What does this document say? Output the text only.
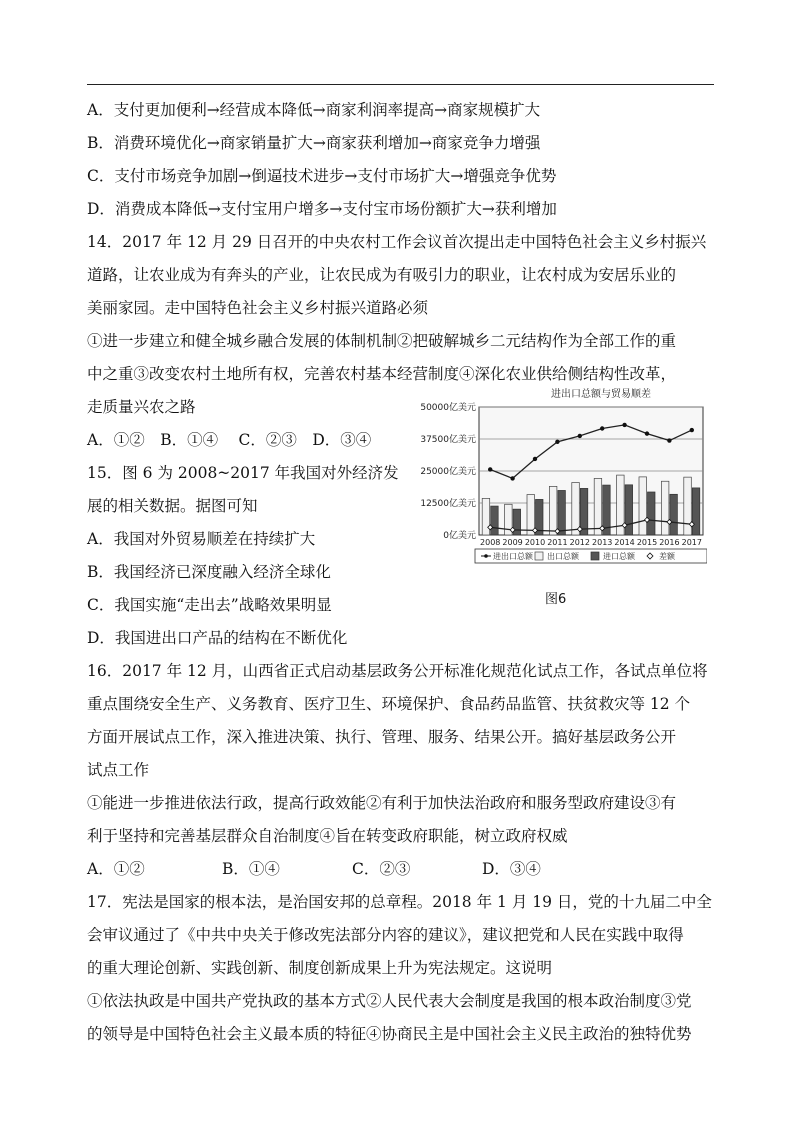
A．支付更加便利→经营成本降低→商家利润率提高→商家规模扩大
B．消费环境优化→商家销量扩大→商家获利增加→商家竞争力增强
C．支付市场竞争加剧→倒逼技术进步→支付市场扩大→增强竞争优势
D．消费成本降低→支付宝用户增多→支付宝市场份额扩大→获利增加
14．2017 年 12 月 29 日召开的中央农村工作会议首次提出走中国特色社会主义乡村振兴
道路，让农业成为有奔头的产业，让农民成为有吸引力的职业，让农村成为安居乐业的
美丽家园。走中国特色社会主义乡村振兴道路必须
①进一步建立和健全城乡融合发展的体制机制②把破解城乡二元结构作为全部工作的重
中之重③改变农村土地所有权，完善农村基本经营制度④深化农业供给侧结构性改革，
走质量兴农之路
A．①②　B．①④　 C．②③　D．③④
15．图 6 为 2008~2017 年我国对外经济发
展的相关数据。据图可知
A．我国对外贸易顺差在持续扩大
B．我国经济已深度融入经济全球化
C．我国实施“走出去”战略效果明显
D．我国进出口产品的结构在不断优化
进出口总额与贸易顺差
0亿美元
12500亿美元
25000亿美元
37500亿美元
50000亿美元
2008 2009 2010 2011 2012 2013 2014 2015 2016 2017
进出口总额 出口总额	进口总额	差额
图6
16．2017 年 12 月，山西省正式启动基层政务公开标准化规范化试点工作，各试点单位将
重点围绕安全生产、义务教育、医疗卫生、环境保护、食品药品监管、扶贫救灾等 12 个
方面开展试点工作，深入推进决策、执行、管理、服务、结果公开。搞好基层政务公开
试点工作
①能进一步推进依法行政，提高行政效能②有利于加快法治政府和服务型政府建设③有
利于坚持和完善基层群众自治制度④旨在转变政府职能，树立政府权威
A．①②	B．①④	C．②③	D．③④
17．宪法是国家的根本法，是治国安邦的总章程。2018 年 1 月 19 日，党的十九届二中全
会审议通过了《中共中央关于修改宪法部分内容的建议》，建议把党和人民在实践中取得
的重大理论创新、实践创新、制度创新成果上升为宪法规定。这说明
①依法执政是中国共产党执政的基本方式②人民代表大会制度是我国的根本政治制度③党
的领导是中国特色社会主义最本质的特征④协商民主是中国社会主义民主政治的独特优势
